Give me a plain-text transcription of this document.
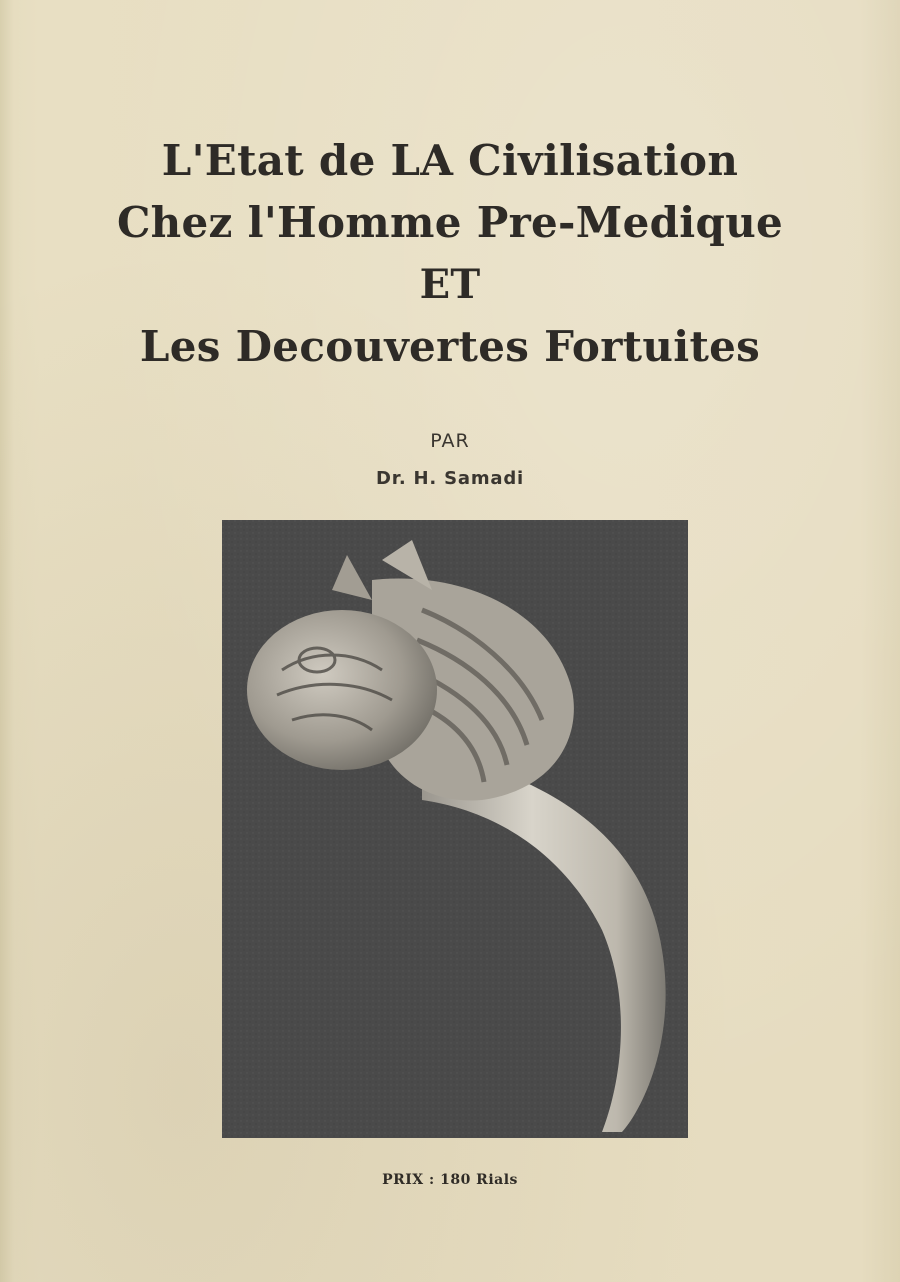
L'Etat de LA Civilisation
Chez l'Homme Pre-Medique
ET
Les Decouvertes Fortuites
PAR
Dr. H. Samadi
PRIX : 180 Rials
